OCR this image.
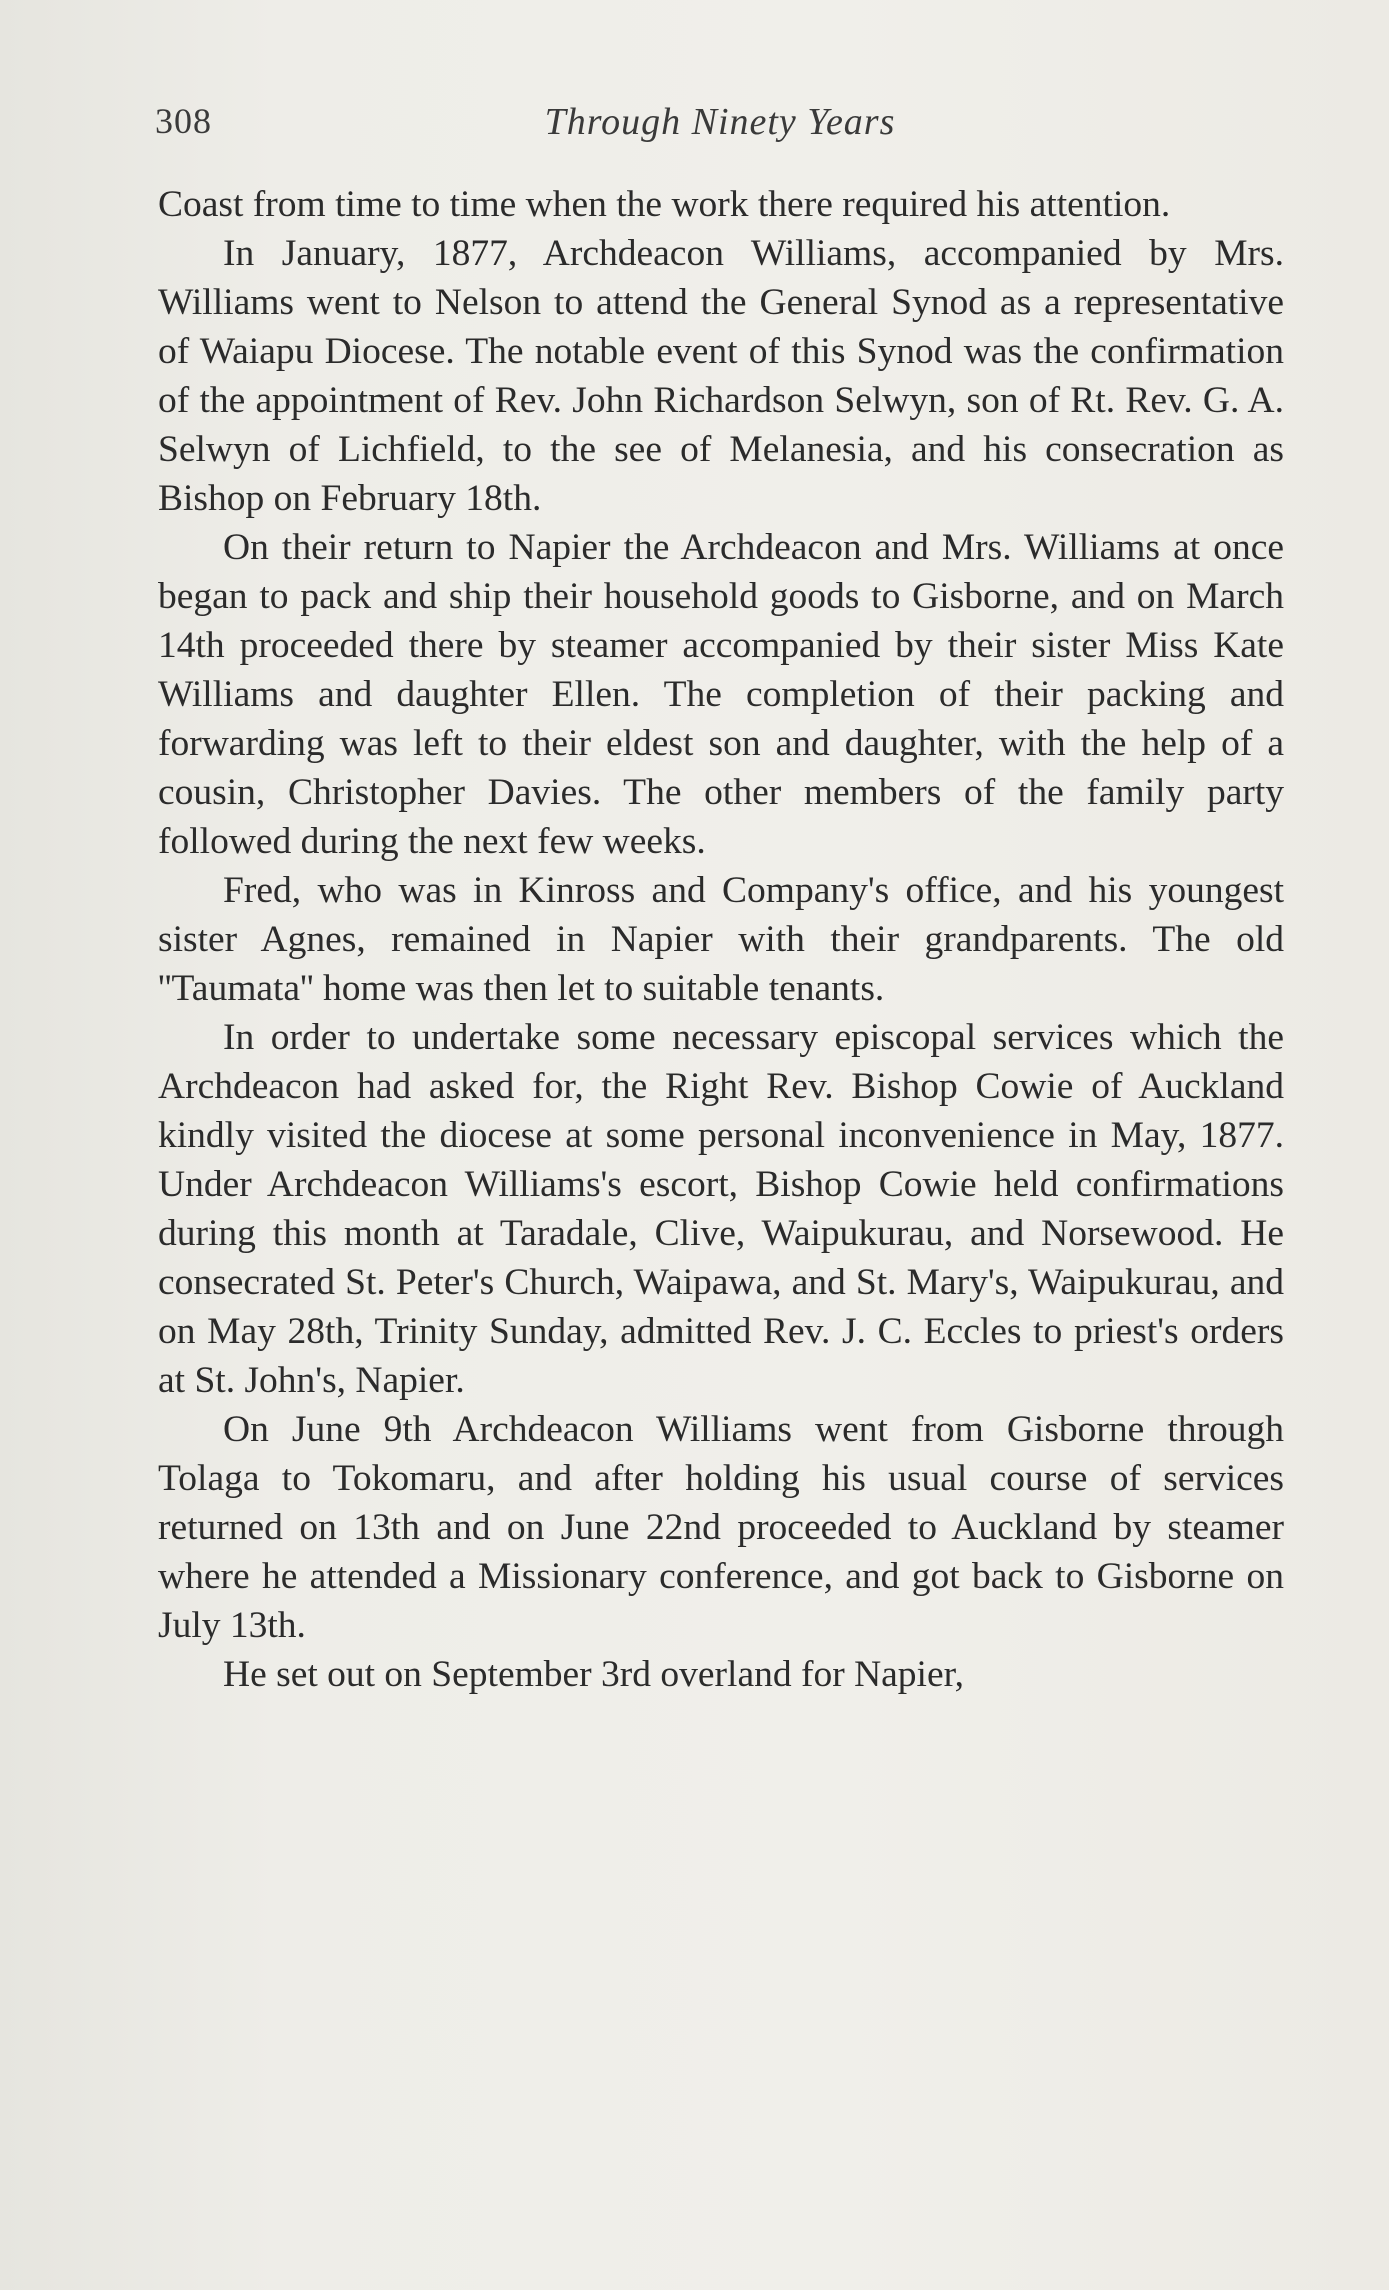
308	Through Ninety Years

Coast from time to time when the work there required his attention.

In January, 1877, Archdeacon Williams, accompanied by Mrs. Williams went to Nelson to attend the General Synod as a representative of Waiapu Diocese. The notable event of this Synod was the confirmation of the appointment of Rev. John Richardson Selwyn, son of Rt. Rev. G. A. Selwyn of Lichfield, to the see of Melanesia, and his consecration as Bishop on February 18th.

On their return to Napier the Archdeacon and Mrs. Williams at once began to pack and ship their household goods to Gisborne, and on March 14th proceeded there by steamer accompanied by their sister Miss Kate Williams and daughter Ellen. The completion of their packing and forwarding was left to their eldest son and daughter, with the help of a cousin, Christopher Davies. The other members of the family party followed during the next few weeks.

Fred, who was in Kinross and Company's office, and his youngest sister Agnes, remained in Napier with their grandparents. The old ''Taumata'' home was then let to suitable tenants.

In order to undertake some necessary episcopal services which the Archdeacon had asked for, the Right Rev. Bishop Cowie of Auckland kindly visited the diocese at some personal inconvenience in May, 1877. Under Archdeacon Williams's escort, Bishop Cowie held confirmations during this month at Taradale, Clive, Waipukurau, and Norsewood. He consecrated St. Peter's Church, Waipawa, and St. Mary's, Waipukurau, and on May 28th, Trinity Sunday, admitted Rev. J. C. Eccles to priest's orders at St. John's, Napier.

On June 9th Archdeacon Williams went from Gisborne through Tolaga to Tokomaru, and after holding his usual course of services returned on 13th and on June 22nd proceeded to Auckland by steamer where he attended a Missionary conference, and got back to Gisborne on July 13th.

He set out on September 3rd overland for Napier,
